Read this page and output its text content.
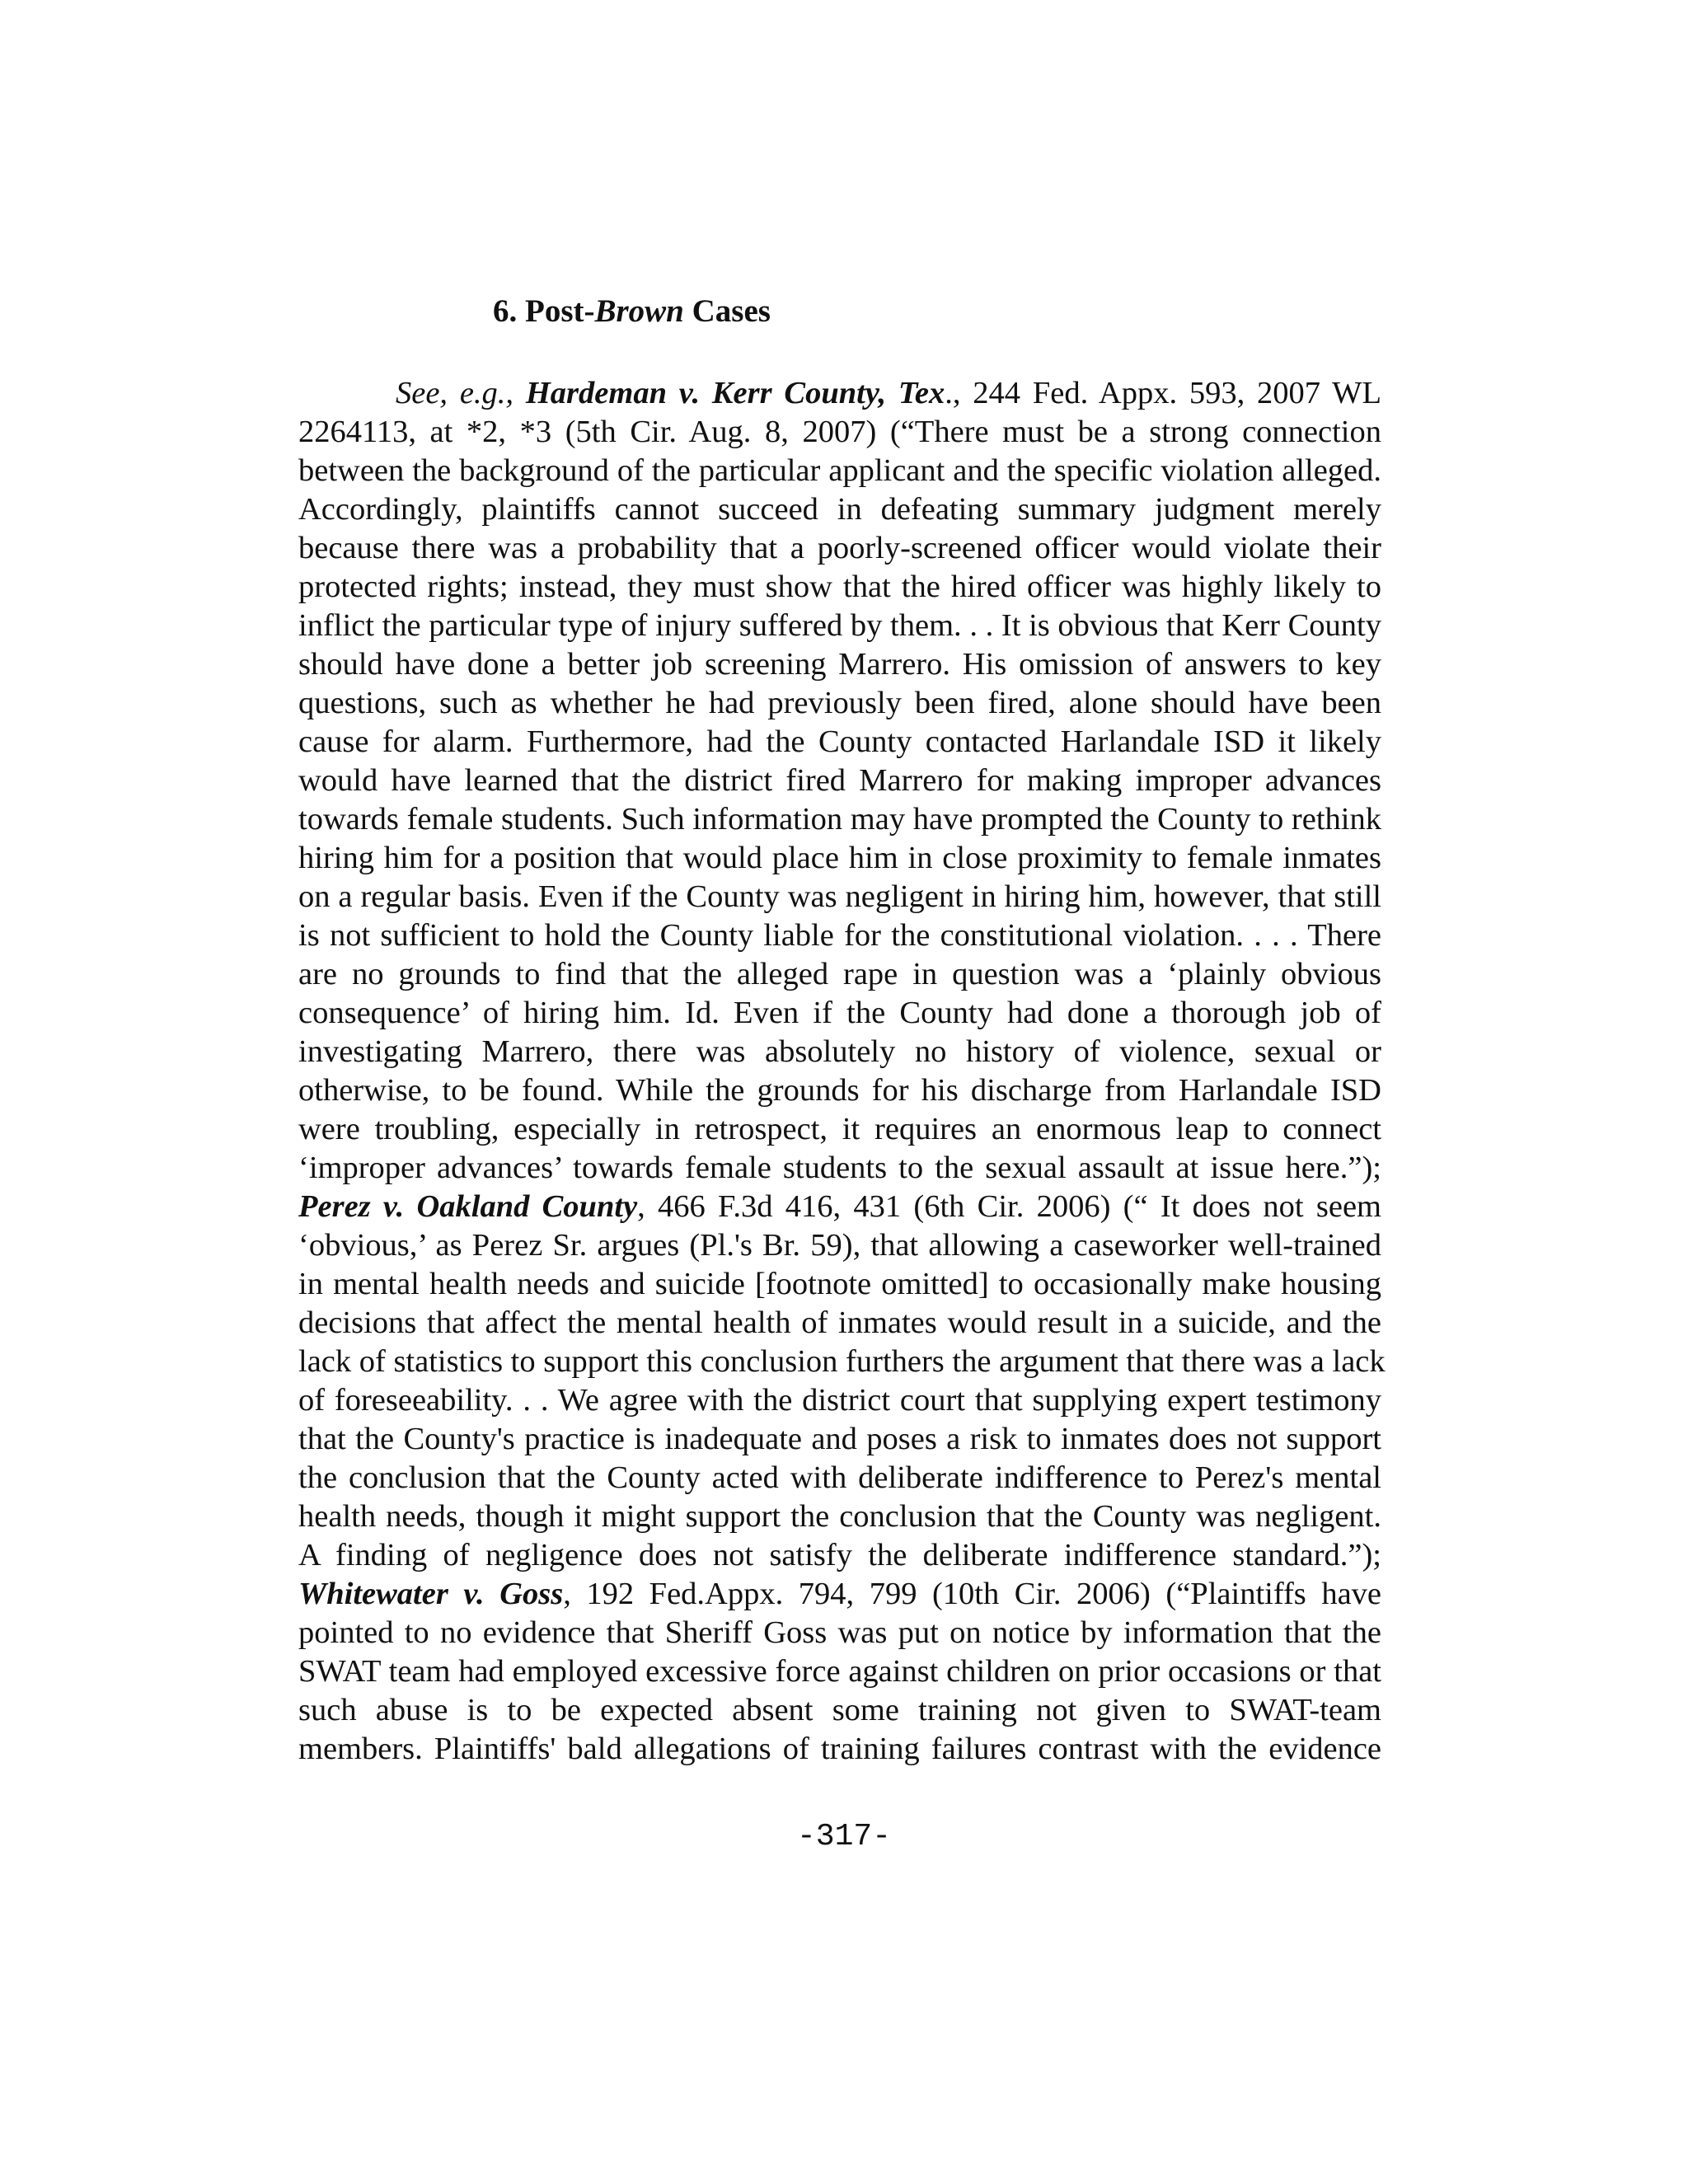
6. Post-Brown Cases
See, e.g., Hardeman v. Kerr County, Tex., 244 Fed. Appx. 593, 2007 WL
2264113, at *2, *3 (5th Cir. Aug. 8, 2007) (“There must be a strong connection
between the background of the particular applicant and the specific violation alleged.
Accordingly, plaintiffs cannot succeed in defeating summary judgment merely
because there was a probability that a poorly-screened officer would violate their
protected rights; instead, they must show that the hired officer was highly likely to
inflict the particular type of injury suffered by them. . . It is obvious that Kerr County
should have done a better job screening Marrero. His omission of answers to key
questions, such as whether he had previously been fired, alone should have been
cause for alarm. Furthermore, had the County contacted Harlandale ISD it likely
would have learned that the district fired Marrero for making improper advances
towards female students. Such information may have prompted the County to rethink
hiring him for a position that would place him in close proximity to female inmates
on a regular basis. Even if the County was negligent in hiring him, however, that still
is not sufficient to hold the County liable for the constitutional violation. . . . There
are no grounds to find that the alleged rape in question was a ‘plainly obvious
consequence’ of hiring him. Id. Even if the County had done a thorough job of
investigating Marrero, there was absolutely no history of violence, sexual or
otherwise, to be found. While the grounds for his discharge from Harlandale ISD
were troubling, especially in retrospect, it requires an enormous leap to connect
‘improper advances’ towards female students to the sexual assault at issue here.”);
Perez v. Oakland County, 466 F.3d 416, 431 (6th Cir. 2006) (“ It does not seem
‘obvious,’ as Perez Sr. argues (Pl.'s Br. 59), that allowing a caseworker well-trained
in mental health needs and suicide [footnote omitted] to occasionally make housing
decisions that affect the mental health of inmates would result in a suicide, and the
lack of statistics to support this conclusion furthers the argument that there was a lack
of foreseeability. . . We agree with the district court that supplying expert testimony
that the County's practice is inadequate and poses a risk to inmates does not support
the conclusion that the County acted with deliberate indifference to Perez's mental
health needs, though it might support the conclusion that the County was negligent.
A finding of negligence does not satisfy the deliberate indifference standard.”);
Whitewater v. Goss, 192 Fed.Appx. 794, 799 (10th Cir. 2006) (“Plaintiffs have
pointed to no evidence that Sheriff Goss was put on notice by information that the
SWAT team had employed excessive force against children on prior occasions or that
such abuse is to be expected absent some training not given to SWAT-team
members. Plaintiffs' bald allegations of training failures contrast with the evidence
-317-
